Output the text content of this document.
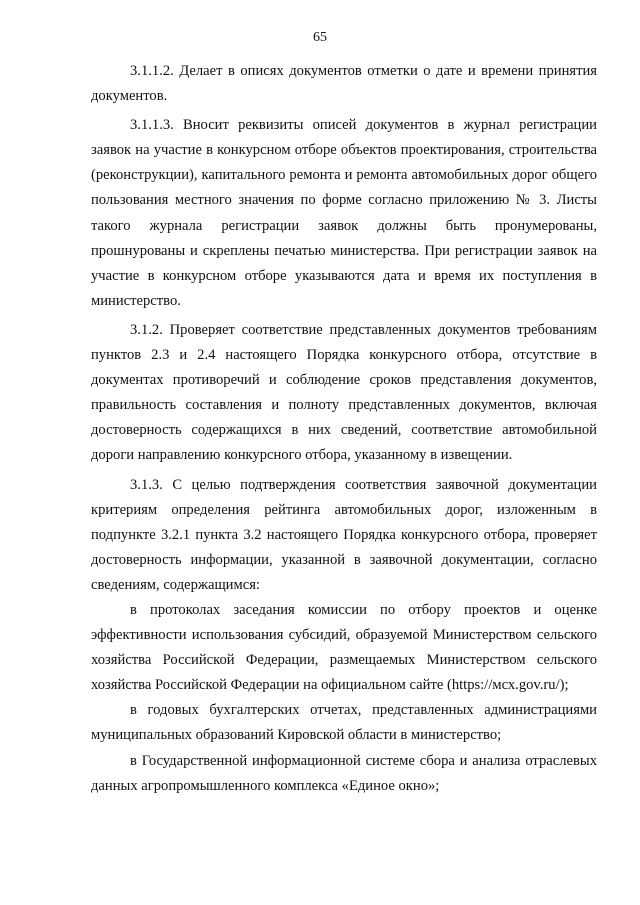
65

3.1.1.2. Делает в описях документов отметки о дате и времени принятия документов.

3.1.1.3. Вносит реквизиты описей документов в журнал регистрации заявок на участие в конкурсном отборе объектов проектирования, строительства (реконструкции), капитального ремонта и ремонта автомобильных дорог общего пользования местного значения по форме согласно приложению № 3. Листы такого журнала регистрации заявок должны быть пронумерованы, прошнурованы и скреплены печатью министерства. При регистрации заявок на участие в конкурсном отборе указываются дата и время их поступления в министерство.

3.1.2. Проверяет соответствие представленных документов требованиям пунктов 2.3 и 2.4 настоящего Порядка конкурсного отбора, отсутствие в документах противоречий и соблюдение сроков представления документов, правильность составления и полноту представленных документов, включая достоверность содержащихся в них сведений, соответствие автомобильной дороги направлению конкурсного отбора, указанному в извещении.

3.1.3. С целью подтверждения соответствия заявочной документации критериям определения рейтинга автомобильных дорог, изложенным в подпункте 3.2.1 пункта 3.2 настоящего Порядка конкурсного отбора, проверяет достоверность информации, указанной в заявочной документации, согласно сведениям, содержащимся:

в протоколах заседания комиссии по отбору проектов и оценке эффективности использования субсидий, образуемой Министерством сельского хозяйства Российской Федерации, размещаемых Министерством сельского хозяйства Российской Федерации на официальном сайте (https://мсх.gov.ru/);

в годовых бухгалтерских отчетах, представленных администрациями муниципальных образований Кировской области в министерство;

в Государственной информационной системе сбора и анализа отраслевых данных агропромышленного комплекса «Единое окно»;
